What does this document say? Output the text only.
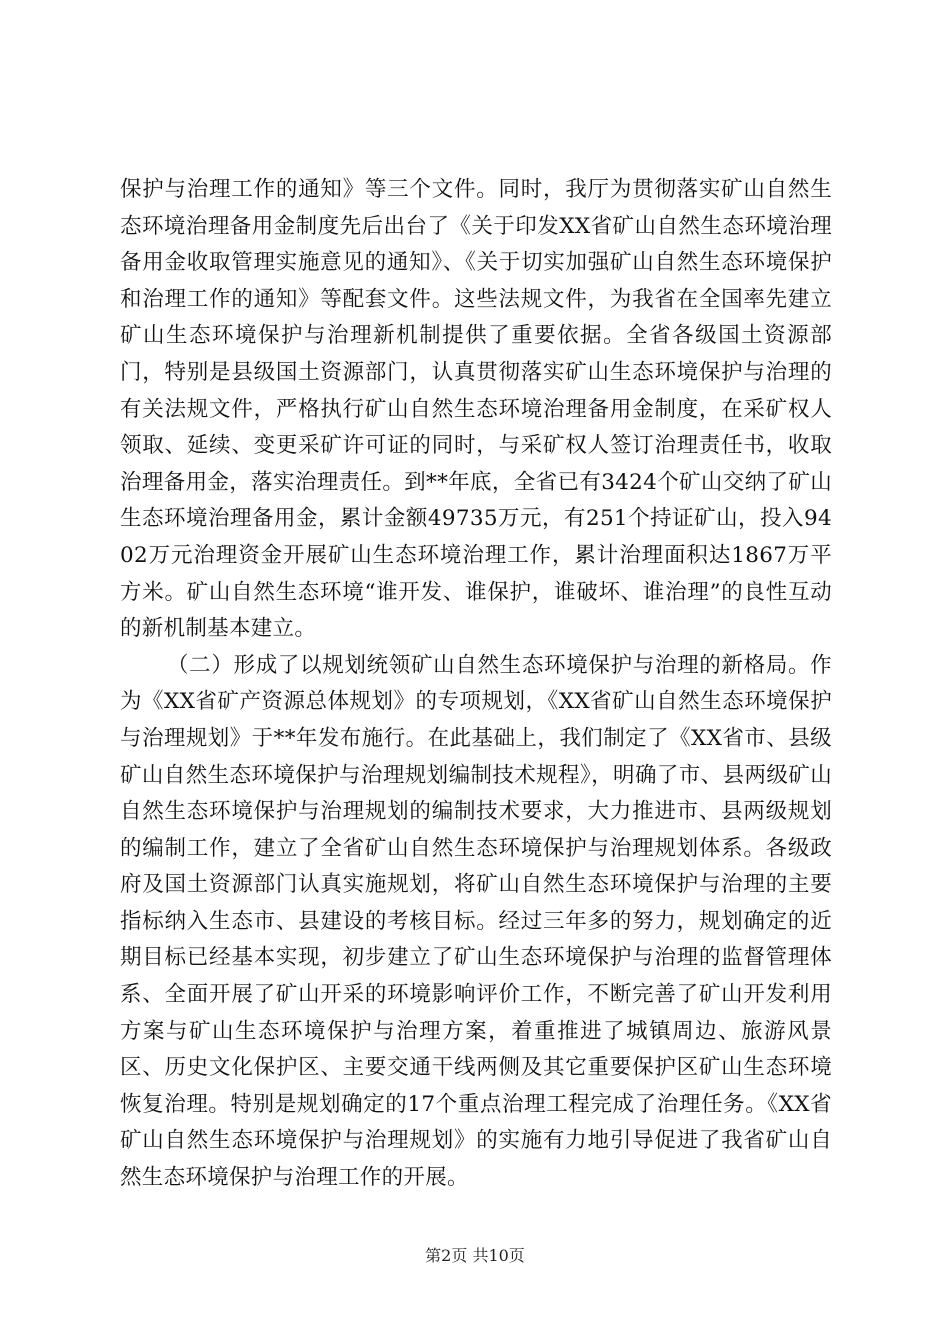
保护与治理工作的通知》等三个文件。同时，我厅为贯彻落实矿山自然生态环境治理备用金制度先后出台了《关于印发XX省矿山自然生态环境治理备用金收取管理实施意见的通知》、《关于切实加强矿山自然生态环境保护和治理工作的通知》等配套文件。这些法规文件，为我省在全国率先建立矿山生态环境保护与治理新机制提供了重要依据。全省各级国土资源部门，特别是县级国土资源部门，认真贯彻落实矿山生态环境保护与治理的有关法规文件，严格执行矿山自然生态环境治理备用金制度，在采矿权人领取、延续、变更采矿许可证的同时，与采矿权人签订治理责任书，收取治理备用金，落实治理责任。到**年底，全省已有3424个矿山交纳了矿山生态环境治理备用金，累计金额49735万元，有251个持证矿山，投入9402万元治理资金开展矿山生态环境治理工作，累计治理面积达1867万平方米。矿山自然生态环境“谁开发、谁保护，谁破坏、谁治理”的良性互动的新机制基本建立。

（二）形成了以规划统领矿山自然生态环境保护与治理的新格局。作为《XX省矿产资源总体规划》的专项规划，《XX省矿山自然生态环境保护与治理规划》于**年发布施行。在此基础上，我们制定了《XX省市、县级矿山自然生态环境保护与治理规划编制技术规程》，明确了市、县两级矿山自然生态环境保护与治理规划的编制技术要求，大力推进市、县两级规划的编制工作，建立了全省矿山自然生态环境保护与治理规划体系。各级政府及国土资源部门认真实施规划，将矿山自然生态环境保护与治理的主要指标纳入生态市、县建设的考核目标。经过三年多的努力，规划确定的近期目标已经基本实现，初步建立了矿山生态环境保护与治理的监督管理体系、全面开展了矿山开采的环境影响评价工作，不断完善了矿山开发利用方案与矿山生态环境保护与治理方案，着重推进了城镇周边、旅游风景区、历史文化保护区、主要交通干线两侧及其它重要保护区矿山生态环境恢复治理。特别是规划确定的17个重点治理工程完成了治理任务。《XX省矿山自然生态环境保护与治理规划》的实施有力地引导促进了我省矿山自然生态环境保护与治理工作的开展。

第2页 共10页
